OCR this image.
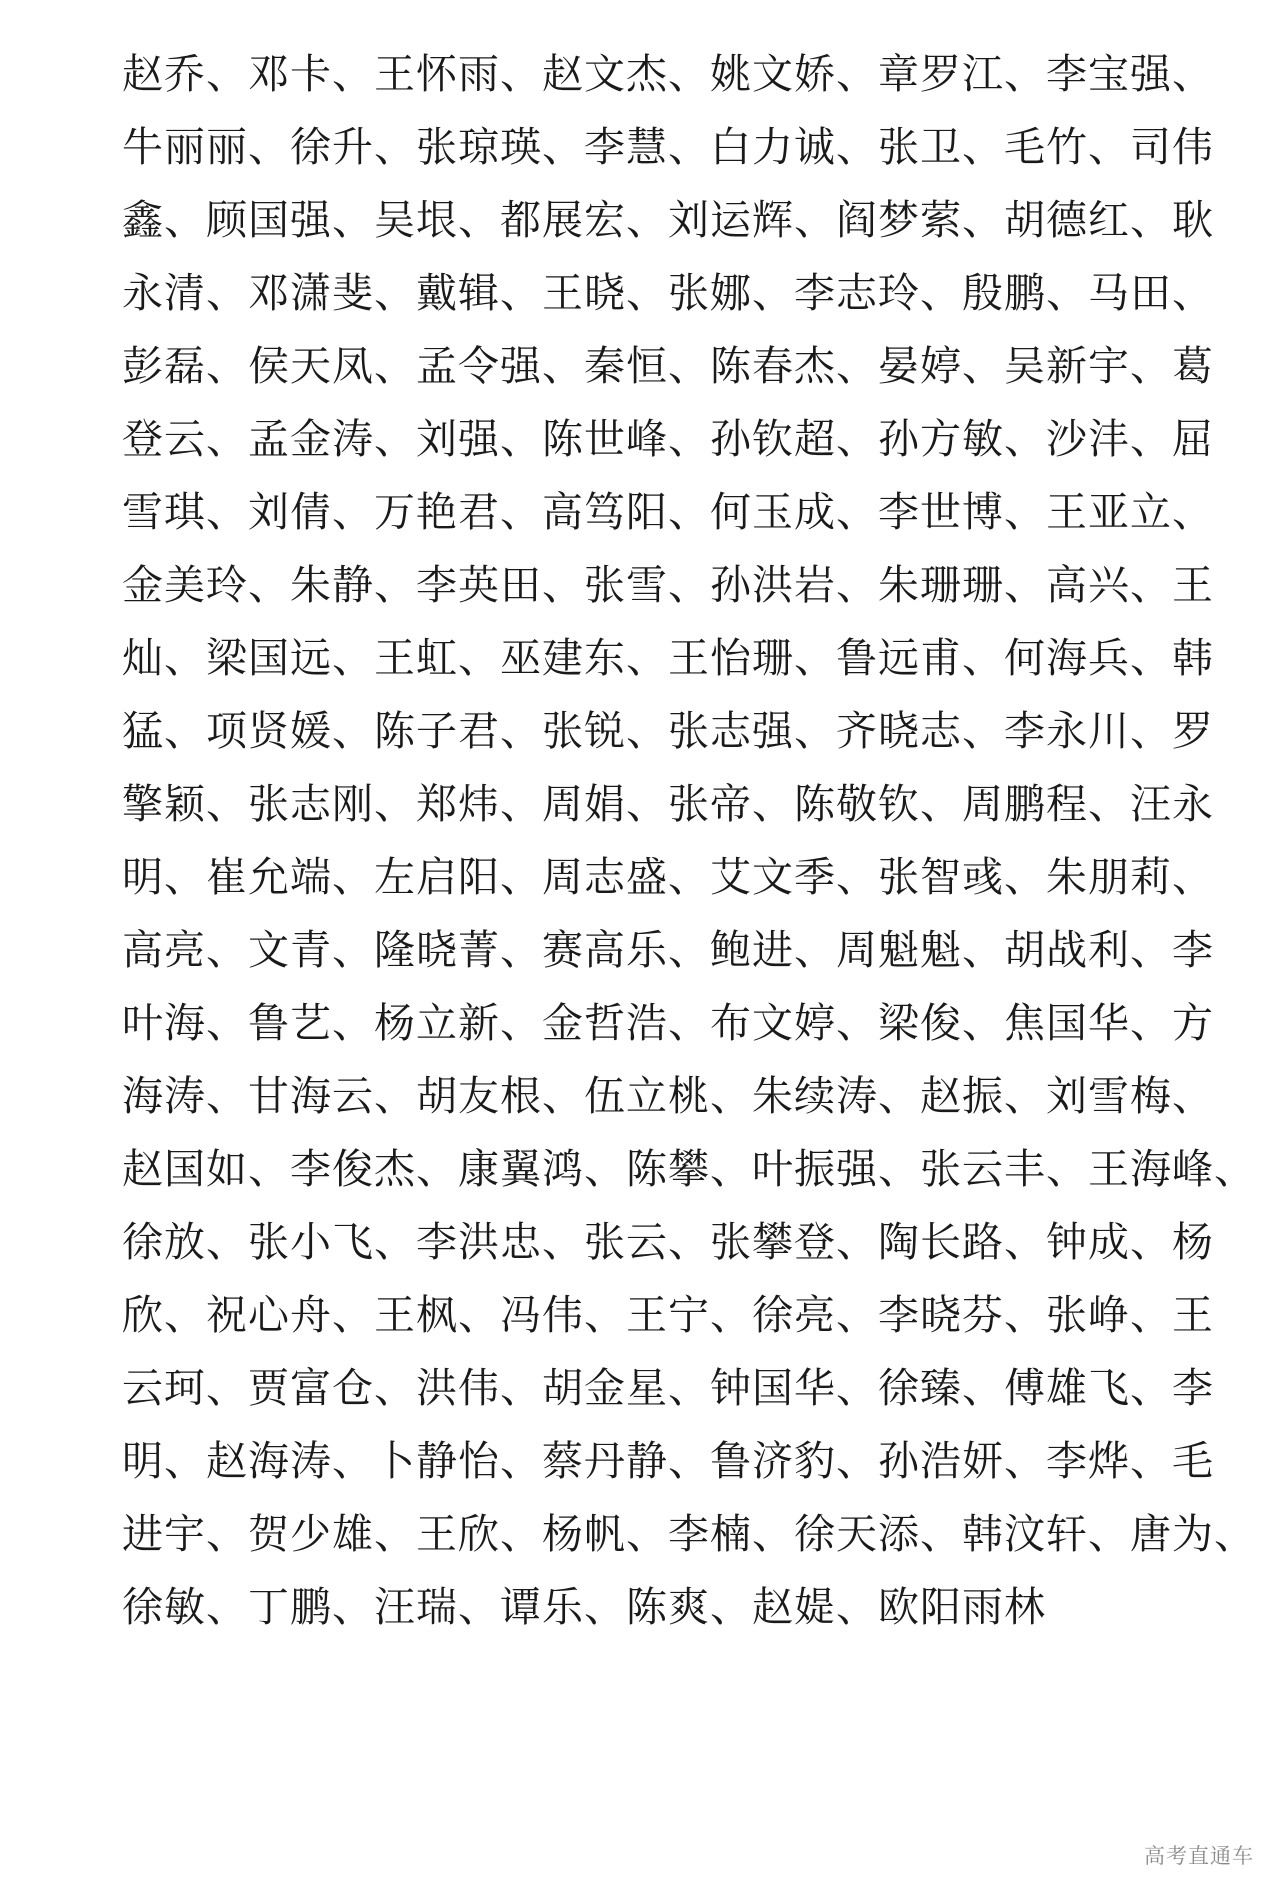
赵乔、邓卡、王怀雨、赵文杰、姚文娇、章罗江、李宝强、
牛丽丽、徐升、张琼瑛、李慧、白力诚、张卫、毛竹、司伟
鑫、顾国强、吴垠、都展宏、刘运辉、阎梦萦、胡德红、耿
永清、邓潇斐、戴辑、王晓、张娜、李志玲、殷鹏、马田、
彭磊、侯天凤、孟令强、秦恒、陈春杰、晏婷、吴新宇、葛
登云、孟金涛、刘强、陈世峰、孙钦超、孙方敏、沙沣、屈
雪琪、刘倩、万艳君、高笃阳、何玉成、李世博、王亚立、
金美玲、朱静、李英田、张雪、孙洪岩、朱珊珊、高兴、王
灿、梁国远、王虹、巫建东、王怡珊、鲁远甫、何海兵、韩
猛、项贤媛、陈子君、张锐、张志强、齐晓志、李永川、罗
擎颖、张志刚、郑炜、周娟、张帝、陈敬钦、周鹏程、汪永
明、崔允端、左启阳、周志盛、艾文季、张智彧、朱朋莉、
高亮、文青、隆晓菁、赛高乐、鲍进、周魁魁、胡战利、李
叶海、鲁艺、杨立新、金哲浩、布文婷、梁俊、焦国华、方
海涛、甘海云、胡友根、伍立桃、朱续涛、赵振、刘雪梅、
赵国如、李俊杰、康翼鸿、陈攀、叶振强、张云丰、王海峰、
徐放、张小飞、李洪忠、张云、张攀登、陶长路、钟成、杨
欣、祝心舟、王枫、冯伟、王宁、徐亮、李晓芬、张峥、王
云珂、贾富仓、洪伟、胡金星、钟国华、徐臻、傅雄飞、李
明、赵海涛、卜静怡、蔡丹静、鲁济豹、孙浩妍、李烨、毛
进宇、贺少雄、王欣、杨帆、李楠、徐天添、韩汶轩、唐为、
徐敏、丁鹏、汪瑞、谭乐、陈爽、赵媞、欧阳雨林
高考直通车
